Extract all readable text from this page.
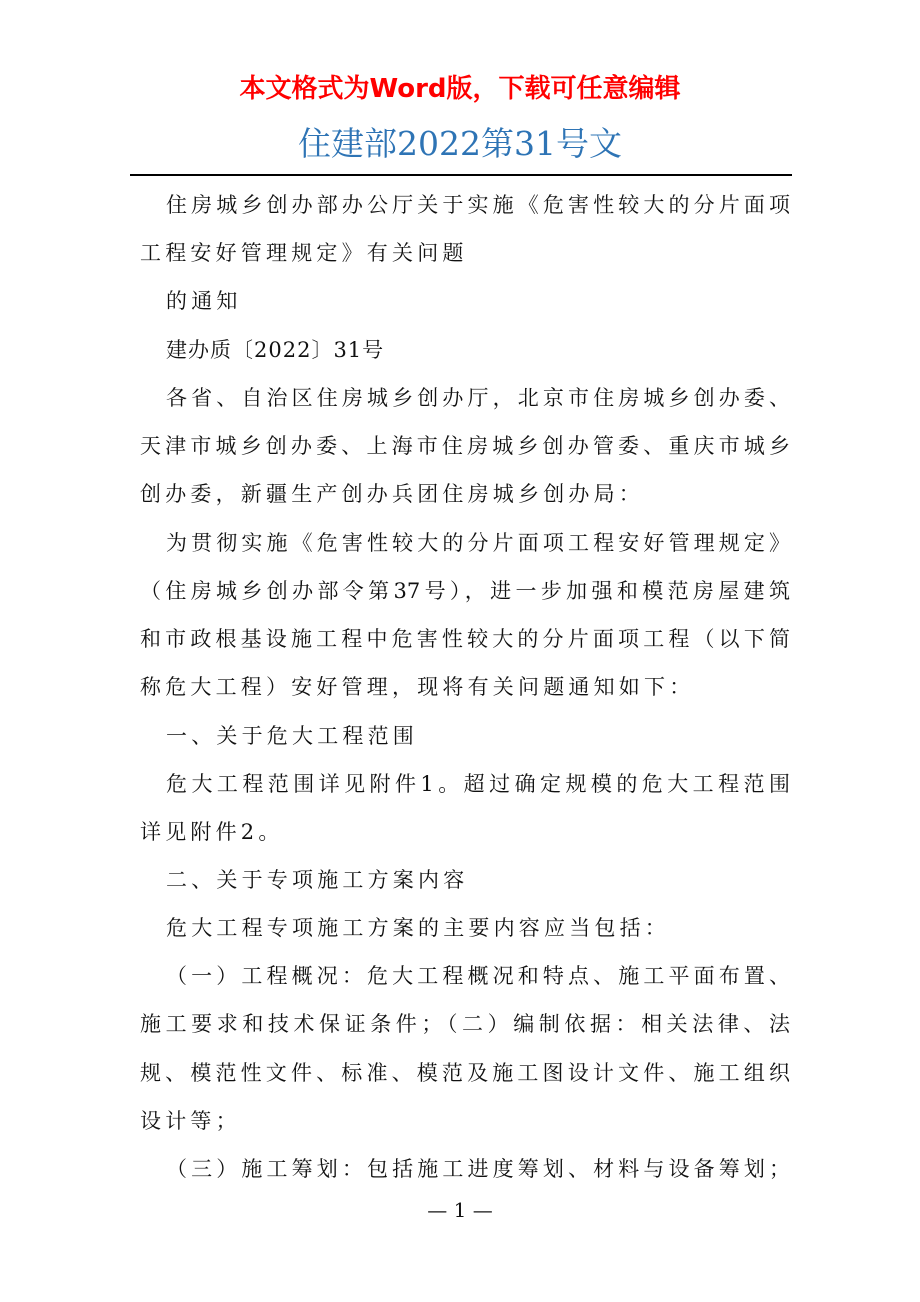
本文格式为Word版，下载可任意编辑
住建部2022第31号文
住房城乡创办部办公厅关于实施《危害性较大的分片面项
工程安好管理规定》有关问题
的通知
建办质〔2022〕31号
各省、自治区住房城乡创办厅，北京市住房城乡创办委、
天津市城乡创办委、上海市住房城乡创办管委、重庆市城乡
创办委，新疆生产创办兵团住房城乡创办局：
为贯彻实施《危害性较大的分片面项工程安好管理规定》
（住房城乡创办部令第37号），进一步加强和模范房屋建筑
和市政根基设施工程中危害性较大的分片面项工程（以下简
称危大工程）安好管理，现将有关问题通知如下：
一、关于危大工程范围
危大工程范围详见附件1。超过确定规模的危大工程范围
详见附件2。
二、关于专项施工方案内容
危大工程专项施工方案的主要内容应当包括：
（一）工程概况：危大工程概况和特点、施工平面布置、
施工要求和技术保证条件；（二）编制依据：相关法律、法
规、模范性文件、标准、模范及施工图设计文件、施工组织
设计等；
（三）施工筹划：包括施工进度筹划、材料与设备筹划；
— 1 —
